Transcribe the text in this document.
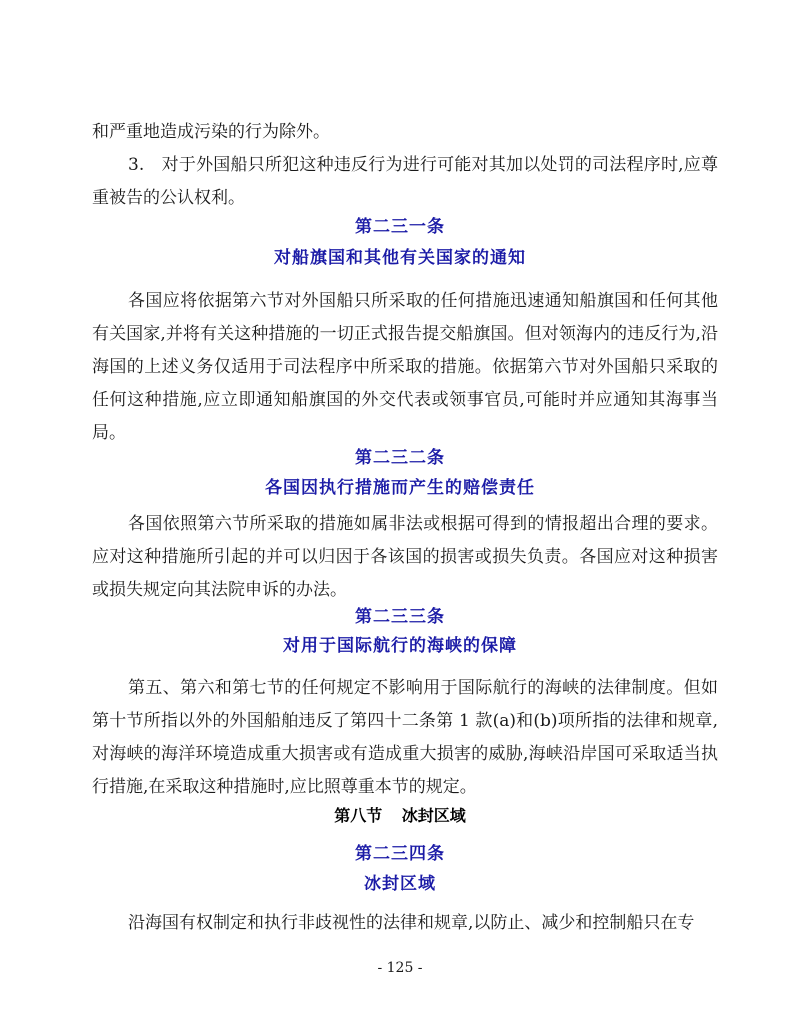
和严重地造成污染的行为除外。

3.　对于外国船只所犯这种违反行为进行可能对其加以处罚的司法程序时,应尊重被告的公认权利。

第二三一条

对船旗国和其他有关国家的通知

各国应将依据第六节对外国船只所采取的任何措施迅速通知船旗国和任何其他有关国家,并将有关这种措施的一切正式报告提交船旗国。但对领海内的违反行为,沿海国的上述义务仅适用于司法程序中所采取的措施。依据第六节对外国船只采取的任何这种措施,应立即通知船旗国的外交代表或领事官员,可能时并应通知其海事当局。

第二三二条

各国因执行措施而产生的赔偿责任

各国依照第六节所采取的措施如属非法或根据可得到的情报超出合理的要求。应对这种措施所引起的并可以归因于各该国的损害或损失负责。各国应对这种损害或损失规定向其法院申诉的办法。

第二三三条

对用于国际航行的海峡的保障

第五、第六和第七节的任何规定不影响用于国际航行的海峡的法律制度。但如第十节所指以外的外国船舶违反了第四十二条第 1 款(a)和(b)项所指的法律和规章,对海峡的海洋环境造成重大损害或有造成重大损害的威胁,海峡沿岸国可采取适当执行措施,在采取这种措施时,应比照尊重本节的规定。

第八节 冰封区域

第二三四条

冰封区域

沿海国有权制定和执行非歧视性的法律和规章,以防止、减少和控制船只在专

- 125 -
